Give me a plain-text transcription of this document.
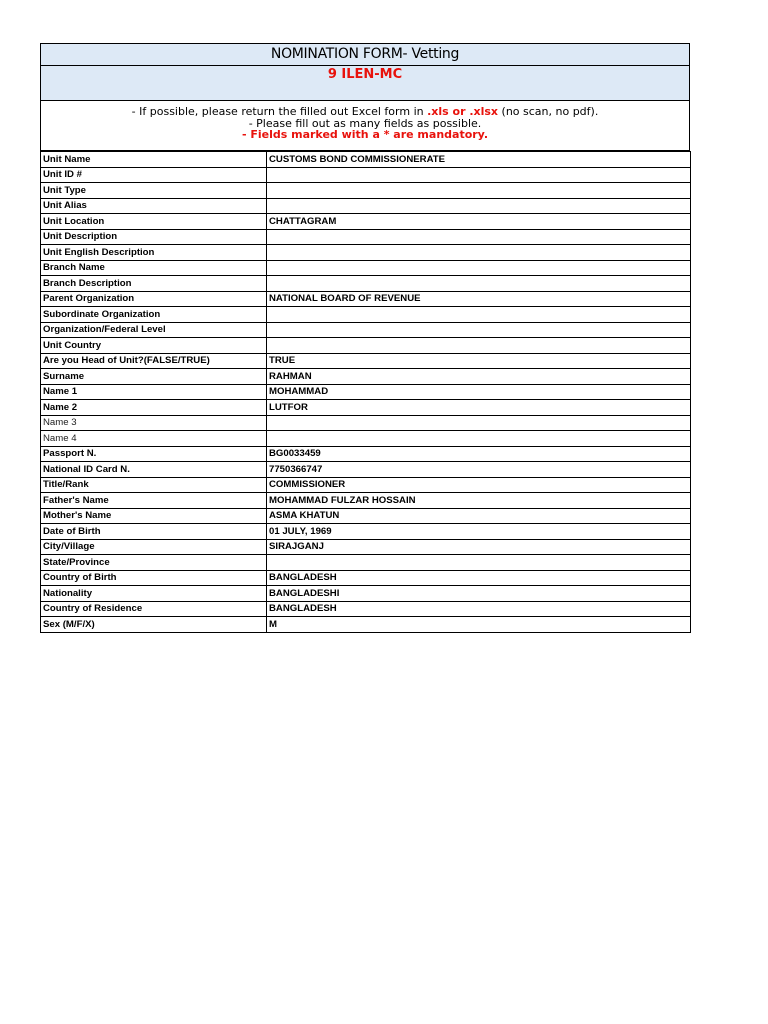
NOMINATION FORM- Vetting
9 ILEN-MC
- If possible, please return the filled out Excel form in .xls or .xlsx (no scan, no pdf).
- Please fill out as many fields as possible.
- Fields marked with a * are mandatory.
Unit Name	CUSTOMS BOND COMMISSIONERATE
Unit ID #	
Unit Type	
Unit Alias	
Unit Location	CHATTAGRAM
Unit Description	
Unit English Description	
Branch Name	
Branch Description	
Parent Organization	NATIONAL BOARD OF REVENUE
Subordinate Organization	
Organization/Federal Level	
Unit Country	
Are you Head of Unit?(FALSE/TRUE)	TRUE
Surname	RAHMAN
Name 1	MOHAMMAD
Name 2	LUTFOR
Name 3	
Name 4	
Passport N.	BG0033459
National ID Card N.	7750366747
Title/Rank	COMMISSIONER
Father's Name	MOHAMMAD FULZAR HOSSAIN
Mother's Name	ASMA KHATUN
Date of Birth	01 JULY, 1969
City/Village	SIRAJGANJ
State/Province	
Country of Birth	BANGLADESH
Nationality	BANGLADESHI
Country of Residence	BANGLADESH
Sex (M/F/X)	M
